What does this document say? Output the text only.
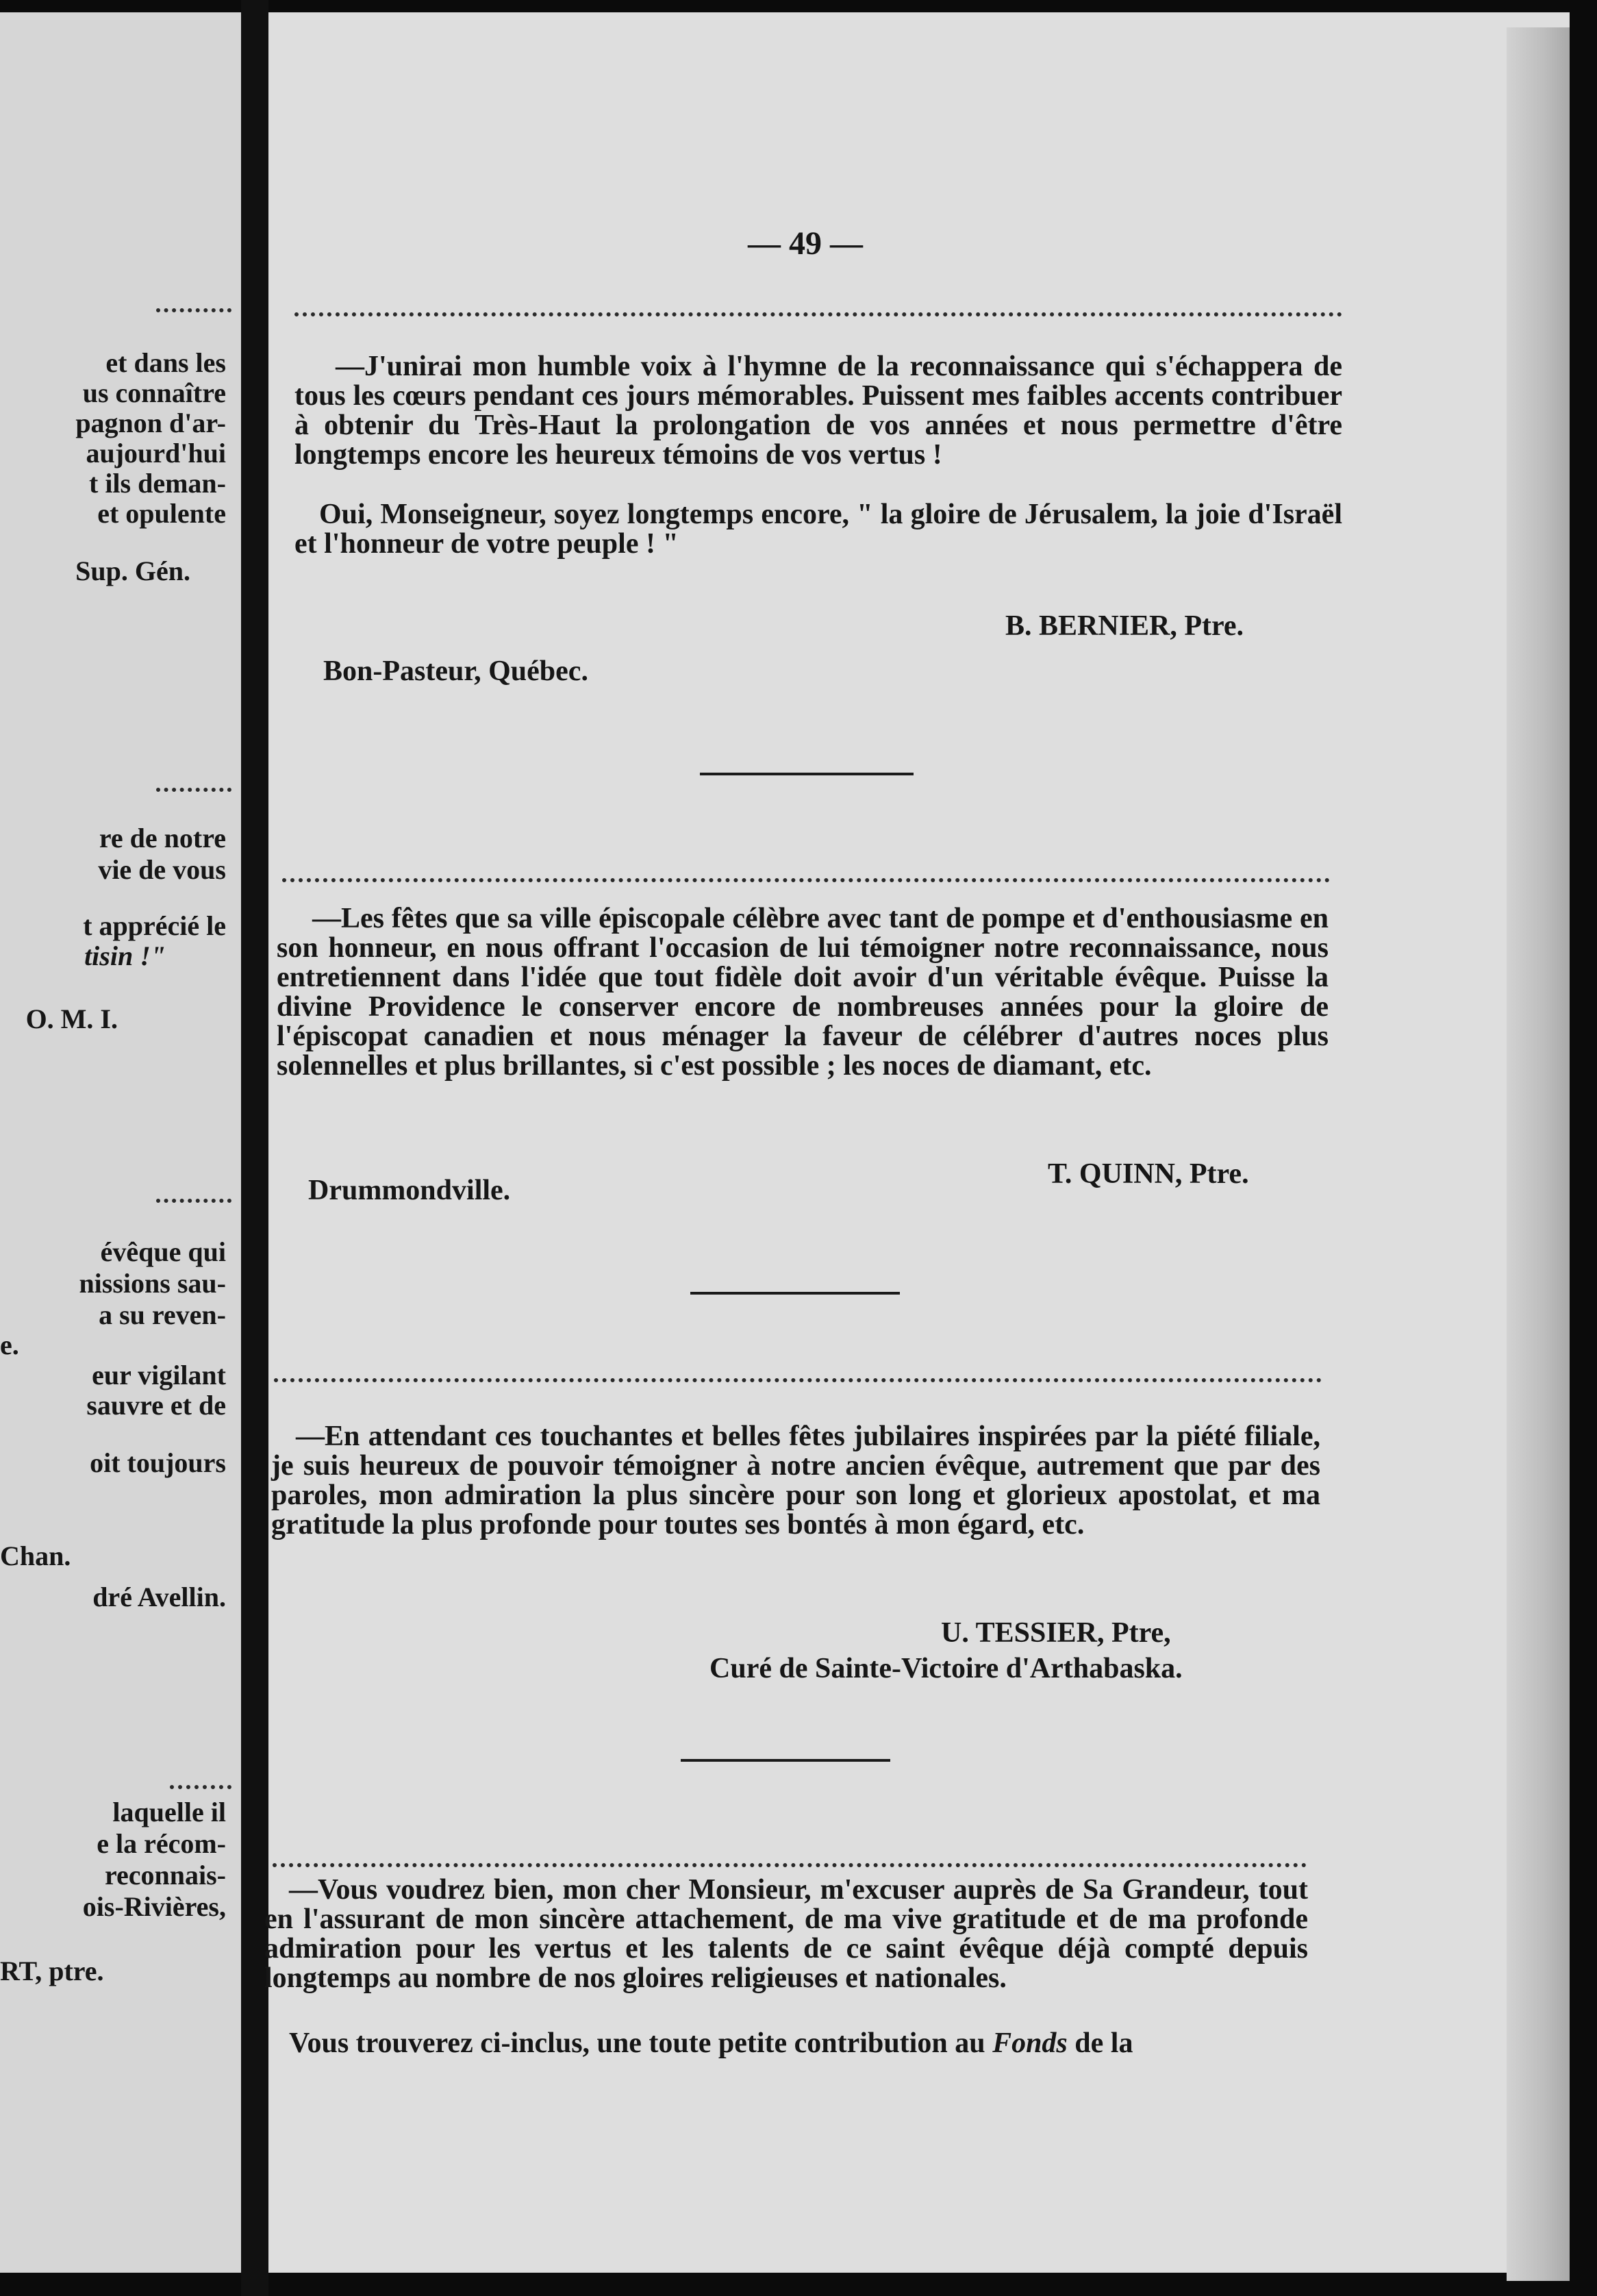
et dans les
us connaître
pagnon d'ar-
aujourd'hui
t ils deman-
et opulente
Sup. Gén.
re de notre
vie de vous
t apprécié le
tisin !"
O. M. I.
évêque qui
nissions sau-
a su reven-
e.
eur vigilant
sauvre et de
oit toujours
Chan.
dré Avellin.
laquelle il
e la récom-
reconnais-
ois-Rivières,
RT, ptre.
— 49 —

—J'unirai mon humble voix à l'hymne de la reconnaissance qui s'échappera de tous les cœurs pendant ces jours mémorables. Puissent mes faibles accents contribuer à obtenir du Très-Haut la prolongation de vos années et nous permettre d'être longtemps encore les heureux témoins de vos vertus !

Oui, Monseigneur, soyez longtemps encore, " la gloire de Jérusalem, la joie d'Israël et l'honneur de votre peuple ! "

B. BERNIER, Ptre.
Bon-Pasteur, Québec.

—Les fêtes que sa ville épiscopale célèbre avec tant de pompe et d'enthousiasme en son honneur, en nous offrant l'occasion de lui témoigner notre reconnaissance, nous entretiennent dans l'idée que tout fidèle doit avoir d'un véritable évêque. Puisse la divine Providence le conserver encore de nombreuses années pour la gloire de l'épiscopat canadien et nous ménager la faveur de célébrer d'autres noces plus solennelles et plus brillantes, si c'est possible ; les noces de diamant, etc.

T. QUINN, Ptre.
Drummondville.

—En attendant ces touchantes et belles fêtes jubilaires inspirées par la piété filiale, je suis heureux de pouvoir témoigner à notre ancien évêque, autrement que par des paroles, mon admiration la plus sincère pour son long et glorieux apostolat, et ma gratitude la plus profonde pour toutes ses bontés à mon égard, etc.

U. TESSIER, Ptre,
Curé de Sainte-Victoire d'Arthabaska.

—Vous voudrez bien, mon cher Monsieur, m'excuser auprès de Sa Grandeur, tout en l'assurant de mon sincère attachement, de ma vive gratitude et de ma profonde admiration pour les vertus et les talents de ce saint évêque déjà compté depuis longtemps au nombre de nos gloires religieuses et nationales.

Vous trouverez ci-inclus, une toute petite contribution au Fonds de la
